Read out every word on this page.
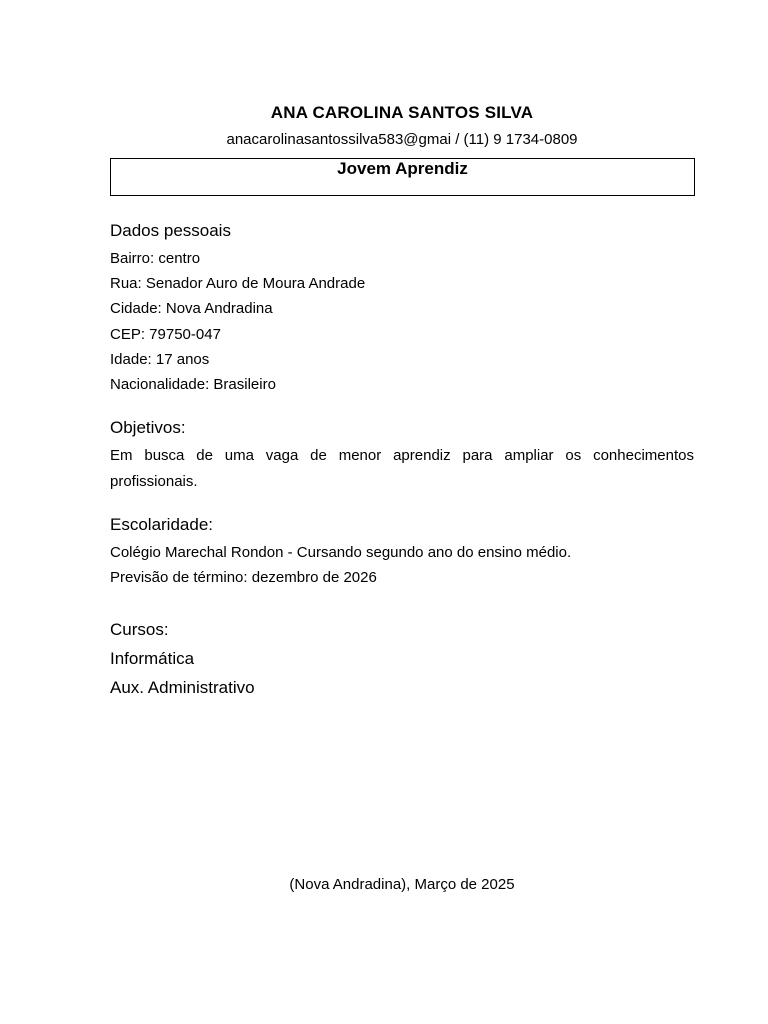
ANA CAROLINA SANTOS SILVA
anacarolinasantossilva583@gmai / (11) 9 1734-0809
Jovem Aprendiz
Dados pessoais
Bairro: centro
Rua: Senador Auro de Moura Andrade
Cidade: Nova Andradina
CEP: 79750-047
Idade: 17 anos
Nacionalidade: Brasileiro
Objetivos:
Em busca de uma vaga de menor aprendiz para ampliar os conhecimentos profissionais.
Escolaridade:
Colégio Marechal Rondon - Cursando segundo ano do ensino médio.
Previsão de término: dezembro de 2026
Cursos:
Informática
Aux. Administrativo
(Nova Andradina), Março de 2025
